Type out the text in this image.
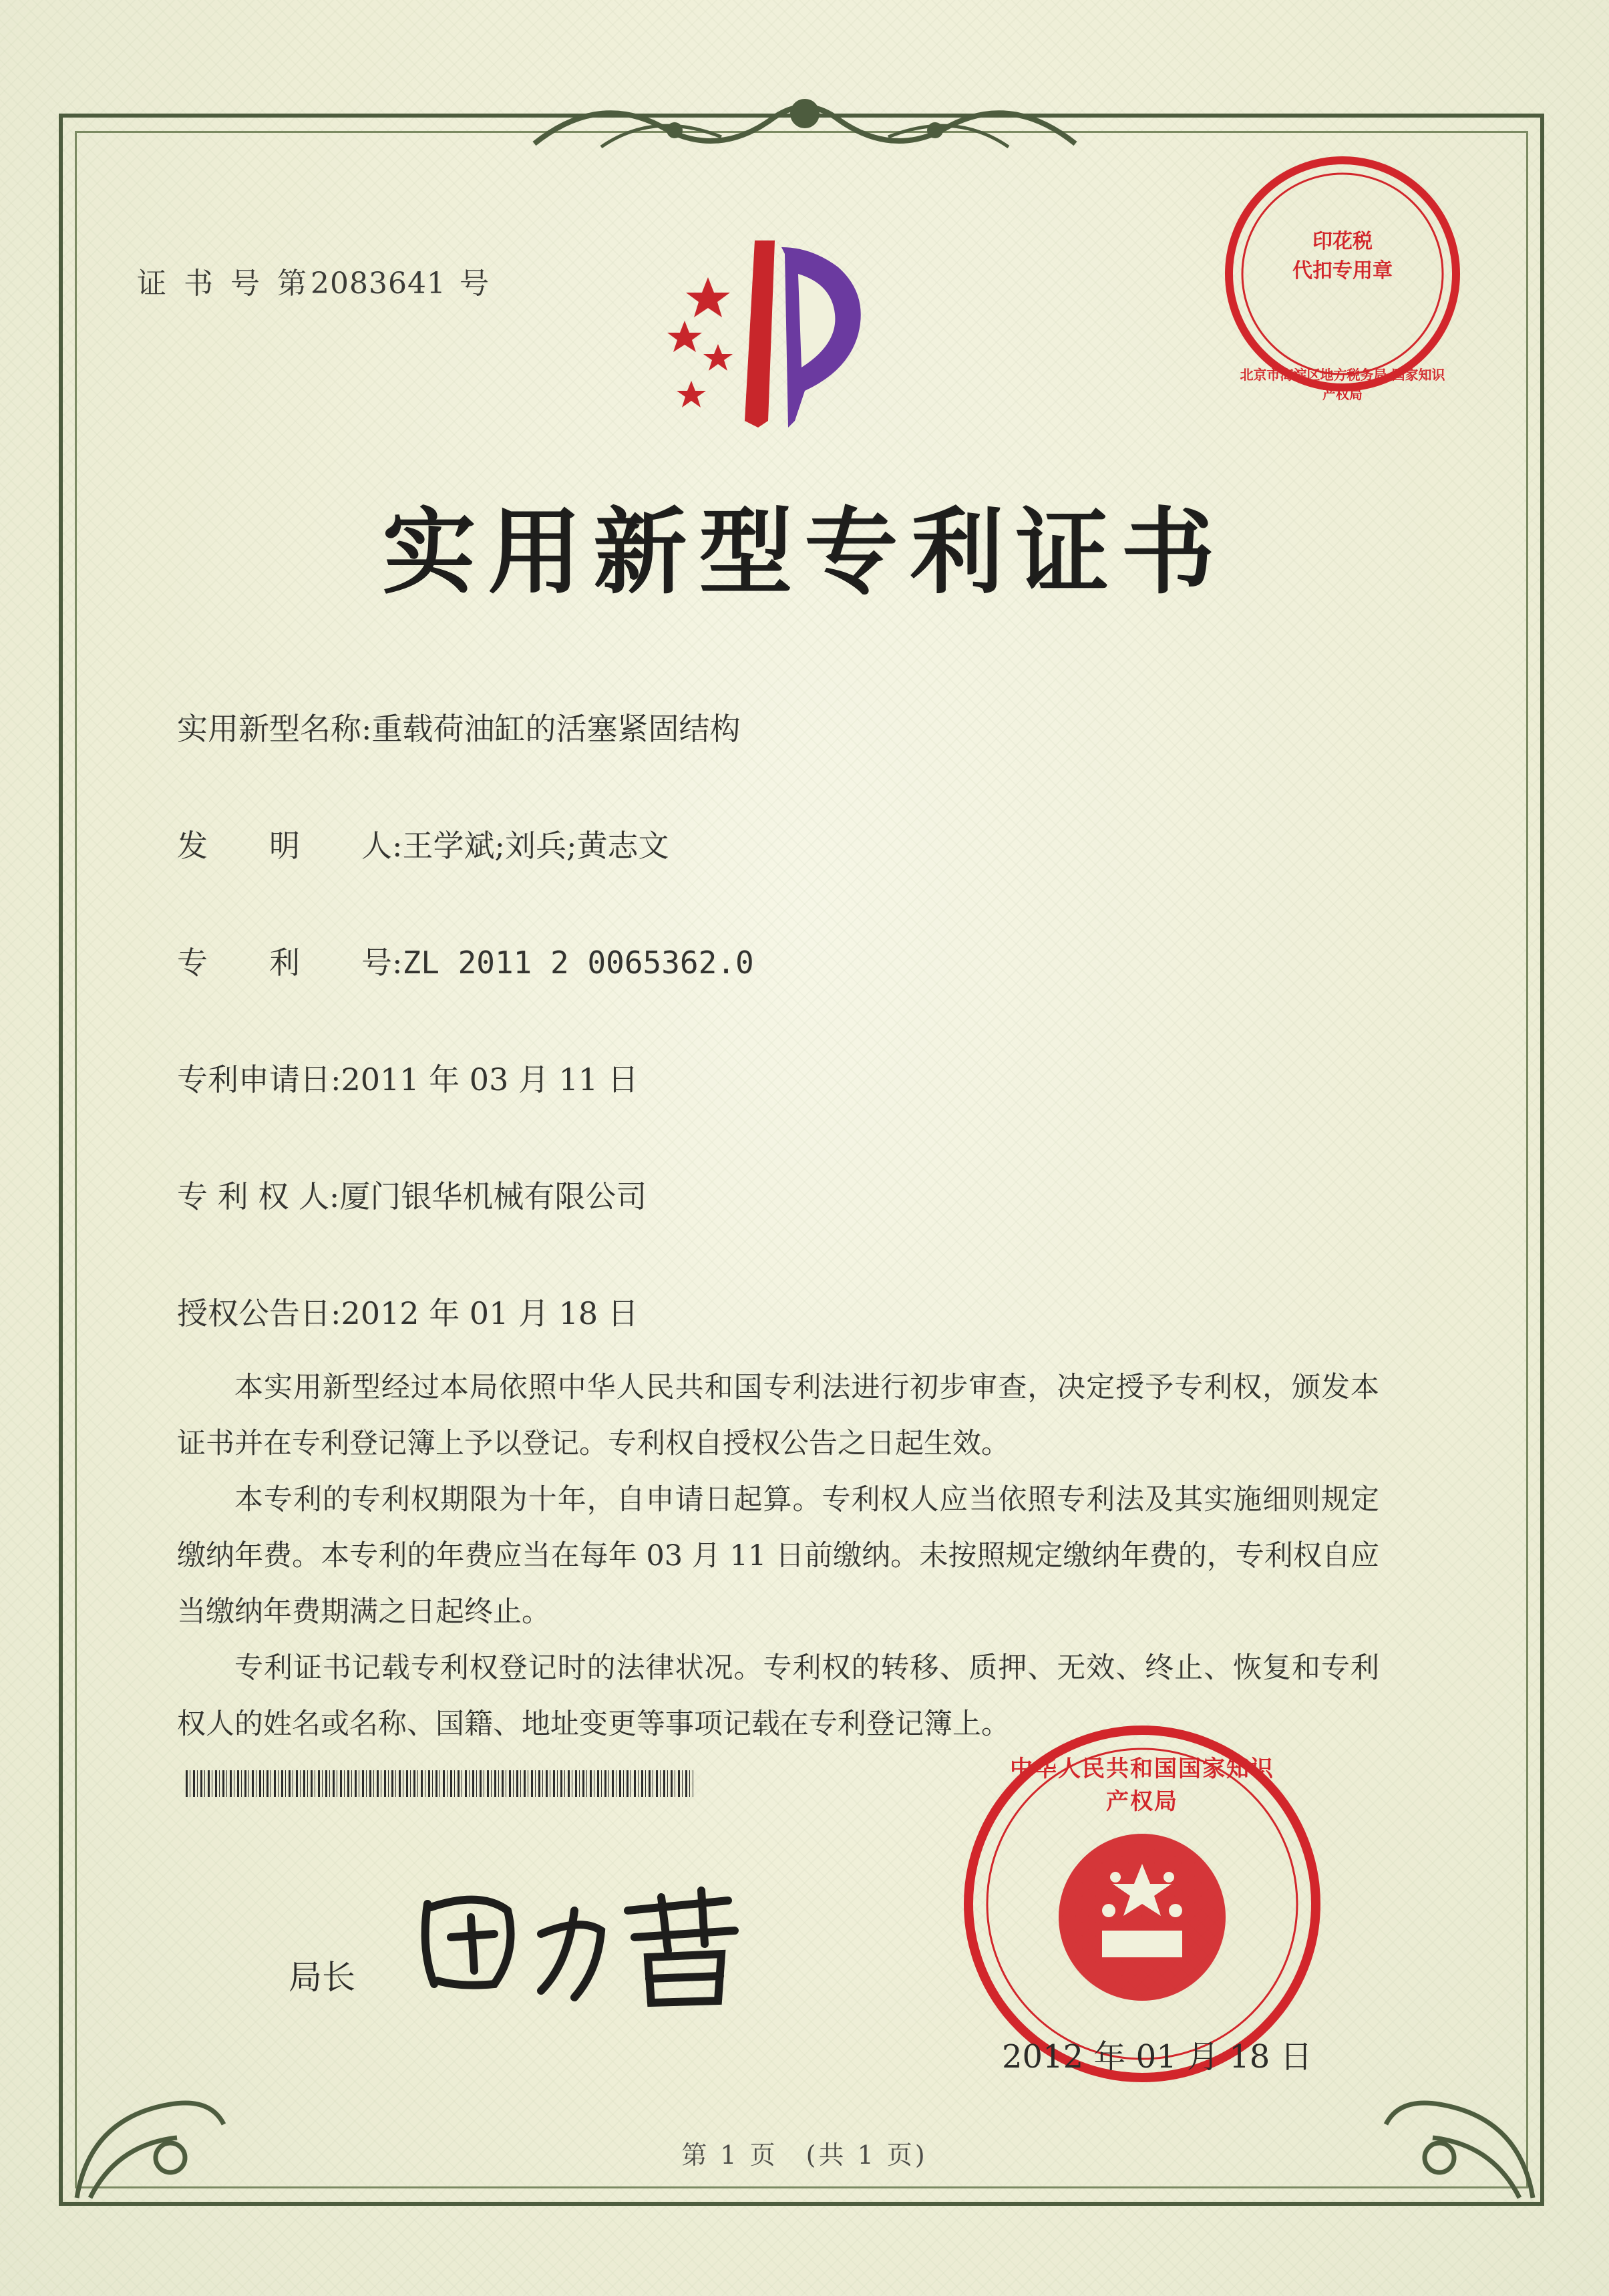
证 书 号 第2083641 号
印花税
代扣专用章
北京市海淀区地方税务局 国家知识产权局
实用新型专利证书
实用新型名称:重载荷油缸的活塞紧固结构
发　　明　　人:王学斌;刘兵;黄志文
专　　利　　号:ZL 2011 2 0065362.0
专利申请日:2011 年 03 月 11 日
专 利 权 人:厦门银华机械有限公司
授权公告日:2012 年 01 月 18 日

本实用新型经过本局依照中华人民共和国专利法进行初步审查，决定授予专利权，颁发本证书并在专利登记簿上予以登记。专利权自授权公告之日起生效。

本专利的专利权期限为十年，自申请日起算。专利权人应当依照专利法及其实施细则规定缴纳年费。本专利的年费应当在每年 03 月 11 日前缴纳。未按照规定缴纳年费的，专利权自应当缴纳年费期满之日起终止。

专利证书记载专利权登记时的法律状况。专利权的转移、质押、无效、终止、恢复和专利权人的姓名或名称、国籍、地址变更等事项记载在专利登记簿上。

局长
中华人民共和国国家知识产权局
2012 年 01 月 18 日
第 1 页　(共 1 页)
